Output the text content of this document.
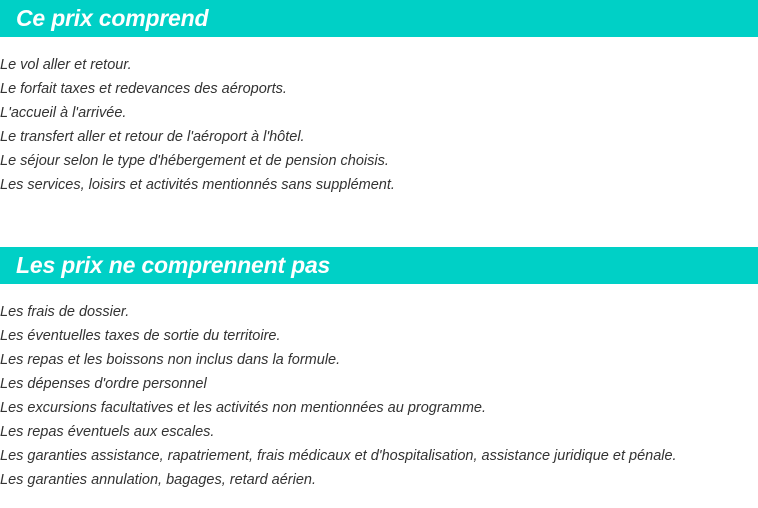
Ce prix comprend
Le vol aller et retour.
Le forfait taxes et redevances des aéroports.
L'accueil à l'arrivée.
Le transfert aller et retour de l'aéroport à l'hôtel.
Le séjour selon le type d'hébergement et de pension choisis.
Les services, loisirs et activités mentionnés sans supplément.
Les prix ne comprennent pas
Les frais de dossier.
Les éventuelles taxes de sortie du territoire.
Les repas et les boissons non inclus dans la formule.
Les dépenses d'ordre personnel
Les excursions facultatives et les activités non mentionnées au programme.
Les repas éventuels aux escales.
Les garanties assistance, rapatriement, frais médicaux et d'hospitalisation, assistance juridique et pénale.
Les garanties annulation, bagages, retard aérien.
